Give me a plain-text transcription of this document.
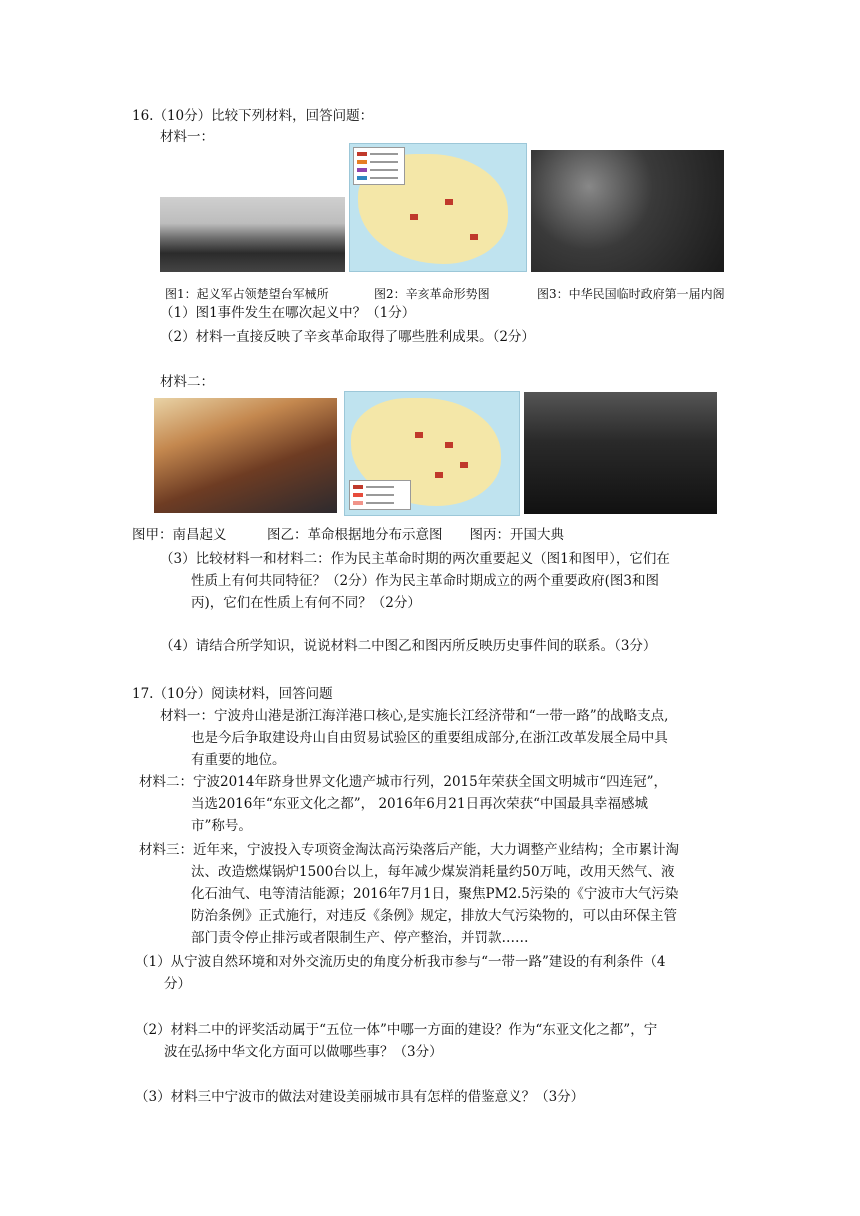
16.（10分）比较下列材料，回答问题：
材料一：
图1：起义军占领楚望台军械所	图2：辛亥革命形势图	图3：中华民国临时政府第一届内阁
（1）图1事件发生在哪次起义中？（1分）
（2）材料一直接反映了辛亥革命取得了哪些胜利成果。（2分）
材料二：
图甲：南昌起义　　　图乙：革命根据地分布示意图　　图丙：开国大典
（3）比较材料一和材料二：作为民主革命时期的两次重要起义（图1和图甲），它们在
性质上有何共同特征？（2分）作为民主革命时期成立的两个重要政府(图3和图
丙)，它们在性质上有何不同？（2分）
（4）请结合所学知识，说说材料二中图乙和图丙所反映历史事件间的联系。（3分）
17.（10分）阅读材料，回答问题
材料一：宁波舟山港是浙江海洋港口核心,是实施长江经济带和“一带一路”的战略支点,
也是今后争取建设舟山自由贸易试验区的重要组成部分,在浙江改革发展全局中具
有重要的地位。
材料二：宁波2014年跻身世界文化遗产城市行列，2015年荣获全国文明城市“四连冠”，
当选2016年“东亚文化之都”， 2016年6月21日再次荣获“中国最具幸福感城
市”称号。
材料三：近年来，宁波投入专项资金淘汰高污染落后产能，大力调整产业结构；全市累计淘
汰、改造燃煤锅炉1500台以上，每年减少煤炭消耗量约50万吨，改用天然气、液
化石油气、电等清洁能源；2016年7月1日，聚焦PM2.5污染的《宁波市大气污染
防治条例》正式施行，对违反《条例》规定，排放大气污染物的，可以由环保主管
部门责令停止排污或者限制生产、停产整治，并罚款……
（1）从宁波自然环境和对外交流历史的角度分析我市参与“一带一路”建设的有利条件（4
分）
（2）材料二中的评奖活动属于“五位一体”中哪一方面的建设？作为“东亚文化之都”，宁
波在弘扬中华文化方面可以做哪些事？（3分）
（3）材料三中宁波市的做法对建设美丽城市具有怎样的借鉴意义？（3分）
